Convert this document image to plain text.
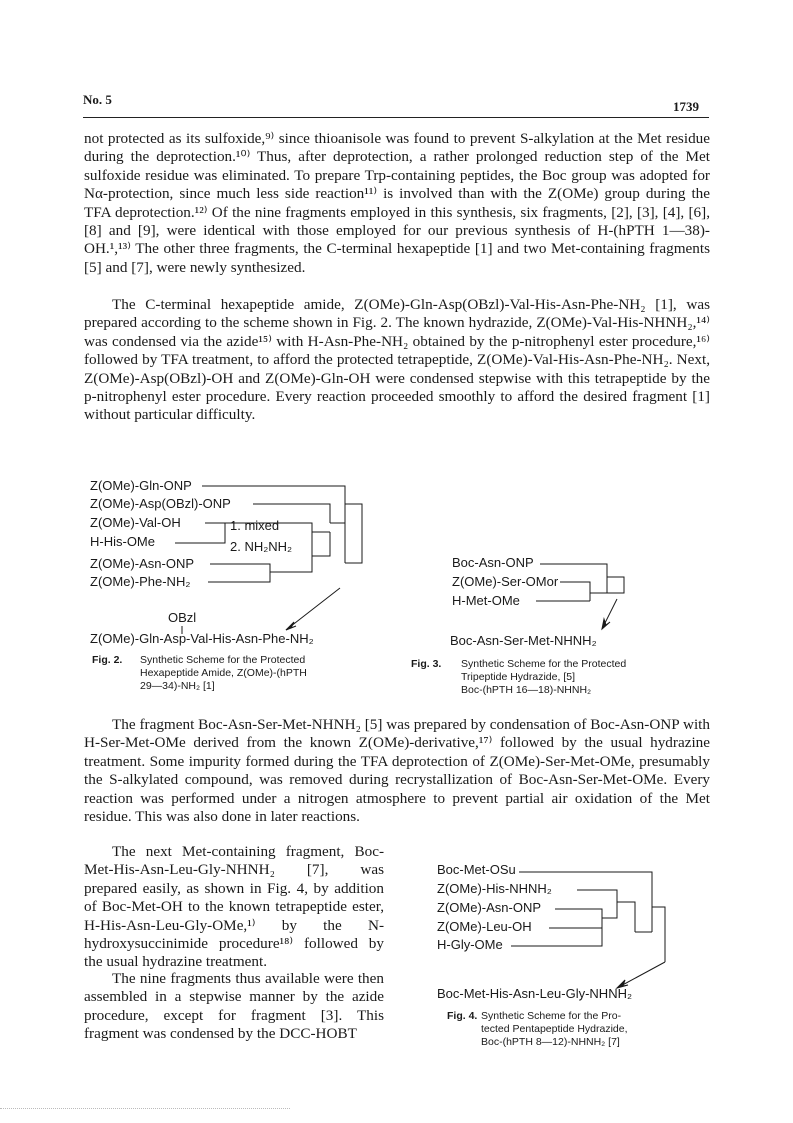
No. 5	1739

not protected as its sulfoxide,⁹⁾ since thioanisole was found to prevent S-alkylation at the Met residue during the deprotection.¹⁰⁾ Thus, after deprotection, a rather prolonged reduction step of the Met sulfoxide residue was eliminated. To prepare Trp-containing peptides, the Boc group was adopted for Nα-protection, since much less side reaction¹¹⁾ is involved than with the Z(OMe) group during the TFA deprotection.¹²⁾ Of the nine fragments employed in this synthesis, six fragments, [2], [3], [4], [6], [8] and [9], were identical with those employed for our previous synthesis of H-(hPTH 1—38)-OH.¹,¹³⁾ The other three fragments, the C-terminal hexapeptide [1] and two Met-containing fragments [5] and [7], were newly synthesized.

The C-terminal hexapeptide amide, Z(OMe)-Gln-Asp(OBzl)-Val-His-Asn-Phe-NH₂ [1], was prepared according to the scheme shown in Fig. 2. The known hydrazide, Z(OMe)-Val-His-NHNH₂,¹⁴⁾ was condensed via the azide¹⁵⁾ with H-Asn-Phe-NH₂ obtained by the p-nitrophenyl ester procedure,¹⁶⁾ followed by TFA treatment, to afford the protected tetrapeptide, Z(OMe)-Val-His-Asn-Phe-NH₂. Next, Z(OMe)-Asp(OBzl)-OH and Z(OMe)-Gln-OH were condensed stepwise with this tetrapeptide by the p-nitrophenyl ester procedure. Every reaction proceeded smoothly to afford the desired fragment [1] without particular difficulty.

Z(OMe)-Gln-ONP
Z(OMe)-Asp(OBzl)-ONP
Z(OMe)-Val-OH
H-His-OMe
Z(OMe)-Asn-ONP
Z(OMe)-Phe-NH₂
1. mixed
2. NH₂NH₂
OBzl
Z(OMe)-Gln-Asp-Val-His-Asn-Phe-NH₂
Boc-Asn-ONP
Z(OMe)-Ser-OMor
H-Met-OMe
Boc-Asn-Ser-Met-NHNH₂
Fig. 2. Synthetic Scheme for the Protected
Hexapeptide Amide, Z(OMe)-(hPTH
29—34)-NH₂ [1]
Fig. 3. Synthetic Scheme for the Protected
Tripeptide Hydrazide, [5]
Boc-(hPTH 16—18)-NHNH₂

The fragment Boc-Asn-Ser-Met-NHNH₂ [5] was prepared by condensation of Boc-Asn-ONP with H-Ser-Met-OMe derived from the known Z(OMe)-derivative,¹⁷⁾ followed by the usual hydrazine treatment. Some impurity formed during the TFA deprotection of Z(OMe)-Ser-Met-OMe, presumably the S-alkylated compound, was removed during recrystallization of Boc-Asn-Ser-Met-OMe. Every reaction was performed under a nitrogen atmosphere to prevent partial air oxidation of the Met residue. This was also done in later reactions.

The next Met-containing fragment, Boc-Met-His-Asn-Leu-Gly-NHNH₂ [7], was prepared easily, as shown in Fig. 4, by addition of Boc-Met-OH to the known tetrapeptide ester, H-His-Asn-Leu-Gly-OMe,¹⁾ by the N-hydroxysuccinimide procedure¹⁸⁾ followed by the usual hydrazine treatment.

The nine fragments thus available were then assembled in a stepwise manner by the azide procedure, except for fragment [3]. This fragment was condensed by the DCC-HOBT

Boc-Met-OSu
Z(OMe)-His-NHNH₂
Z(OMe)-Asn-ONP
Z(OMe)-Leu-OH
H-Gly-OMe
Boc-Met-His-Asn-Leu-Gly-NHNH₂
Fig. 4. Synthetic Scheme for the Pro-
tected Pentapeptide Hydrazide,
Boc-(hPTH 8—12)-NHNH₂ [7]
